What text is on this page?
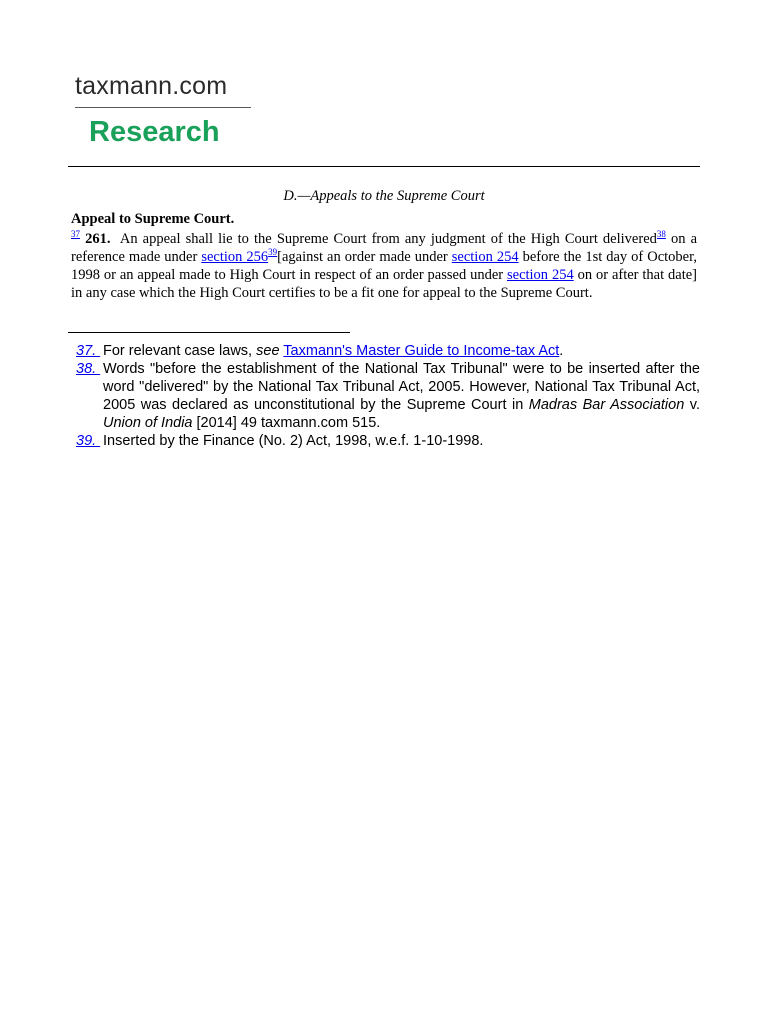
taxmann.com
Research

D.—Appeals to the Supreme Court

Appeal to Supreme Court.

$^{37}$ 261. An appeal shall lie to the Supreme Court from any judgment of the High Court delivered$^{38}$ on a reference made under section $256^{39}[against$ an order made under section 254 before the 1st day of October, 1998 or an appeal made to High Court in respect of an order passed under section 254 on or after that date] in any case which the High Court certifies to be a fit one for appeal to the Supreme Court.

37. For relevant case laws, see Taxmann's Master Guide to Income-tax Act.

38. Words "before the establishment of the National Tax Tribunal" were to be inserted after the word "delivered" by the National Tax Tribunal Act, 2005. However, National Tax Tribunal Act, 2005 was declared as unconstitutional by the Supreme Court in Madras Bar Association v. Union of India [2014] 49 taxmann.com 515.

39. Inserted by the Finance (No. 2) Act, 1998, w.e.f. 1-10-1998.
